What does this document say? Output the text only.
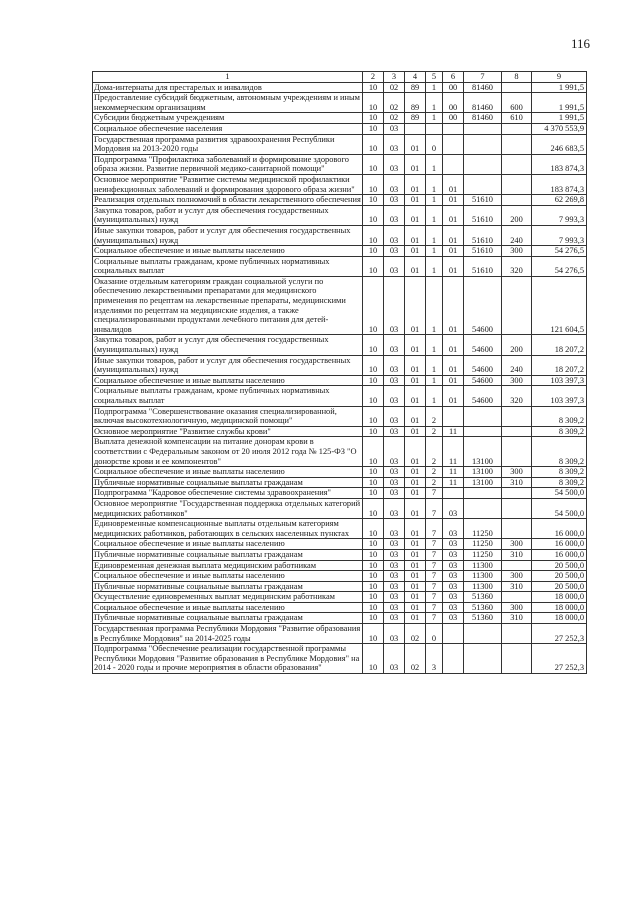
116
1	2	3	4	5	6	7	8	9
Дома-интернаты для престарелых и инвалидов	10	02	89	1	00	81460		1 991,5
Предоставление субсидий бюджетным, автономным учреждениям и иным некоммерческим организациям	10	02	89	1	00	81460	600	1 991,5
Субсидии бюджетным учреждениям	10	02	89	1	00	81460	610	1 991,5
Социальное обеспечение населения	10	03						4 370 553,9
Государственная программа развития здравоохранения Республики Мордовия на 2013-2020 годы	10	03	01	0				246 683,5
Подпрограмма "Профилактика заболеваний и формирование здорового образа жизни. Развитие первичной медико-санитарной помощи"	10	03	01	1				183 874,3
Основное мероприятие "Развитие системы медицинской профилактики неинфекционных заболеваний и формирования здорового образа жизни"	10	03	01	1	01			183 874,3
Реализация отдельных полномочий в области лекарственного обеспечения	10	03	01	1	01	51610		62 269,8
Закупка товаров, работ и услуг для обеспечения государственных (муниципальных) нужд	10	03	01	1	01	51610	200	7 993,3
Иные закупки товаров, работ и услуг для обеспечения государственных (муниципальных) нужд	10	03	01	1	01	51610	240	7 993,3
Социальное обеспечение и иные выплаты населению	10	03	01	1	01	51610	300	54 276,5
Социальные выплаты гражданам, кроме публичных нормативных социальных выплат	10	03	01	1	01	51610	320	54 276,5
Оказание отдельным категориям граждан социальной услуги по обеспечению лекарственными препаратами для медицинского применения по рецептам на лекарственные препараты, медицинскими изделиями по рецептам на медицинские изделия, а также специализированными продуктами лечебного питания для детей-инвалидов	10	03	01	1	01	54600		121 604,5
Закупка товаров, работ и услуг для обеспечения государственных (муниципальных) нужд	10	03	01	1	01	54600	200	18 207,2
Иные закупки товаров, работ и услуг для обеспечения государственных (муниципальных) нужд	10	03	01	1	01	54600	240	18 207,2
Социальное обеспечение и иные выплаты населению	10	03	01	1	01	54600	300	103 397,3
Социальные выплаты гражданам, кроме публичных нормативных социальных выплат	10	03	01	1	01	54600	320	103 397,3
Подпрограмма "Совершенствование оказания специализированной, включая высокотехнологичную, медицинской помощи"	10	03	01	2				8 309,2
Основное мероприятие "Развитие службы крови"	10	03	01	2	11			8 309,2
Выплата денежной компенсации на питание донорам крови в соответствии с Федеральным законом от 20 июля 2012 года № 125-ФЗ "О донорстве крови и ее компонентов"	10	03	01	2	11	13100		8 309,2
Социальное обеспечение и иные выплаты населению	10	03	01	2	11	13100	300	8 309,2
Публичные нормативные социальные выплаты гражданам	10	03	01	2	11	13100	310	8 309,2
Подпрограмма "Кадровое обеспечение системы здравоохранения"	10	03	01	7				54 500,0
Основное мероприятие "Государственная поддержка отдельных категорий медицинских работников"	10	03	01	7	03			54 500,0
Единовременные компенсационные выплаты отдельным категориям медицинских работников, работающих в сельских населенных пунктах	10	03	01	7	03	11250		16 000,0
Социальное обеспечение и иные выплаты населению	10	03	01	7	03	11250	300	16 000,0
Публичные нормативные социальные выплаты гражданам	10	03	01	7	03	11250	310	16 000,0
Единовременная денежная выплата медицинским работникам	10	03	01	7	03	11300		20 500,0
Социальное обеспечение и иные выплаты населению	10	03	01	7	03	11300	300	20 500,0
Публичные нормативные социальные выплаты гражданам	10	03	01	7	03	11300	310	20 500,0
Осуществление единовременных выплат медицинским работникам	10	03	01	7	03	51360		18 000,0
Социальное обеспечение и иные выплаты населению	10	03	01	7	03	51360	300	18 000,0
Публичные нормативные социальные выплаты гражданам	10	03	01	7	03	51360	310	18 000,0
Государственная программа Республики Мордовия "Развитие образования в Республике Мордовия" на 2014-2025 годы	10	03	02	0				27 252,3
Подпрограмма "Обеспечение реализации государственной программы Республики Мордовия "Развитие образования в Республике Мордовия" на 2014 - 2020 годы и прочие мероприятия в области образования"	10	03	02	3				27 252,3
